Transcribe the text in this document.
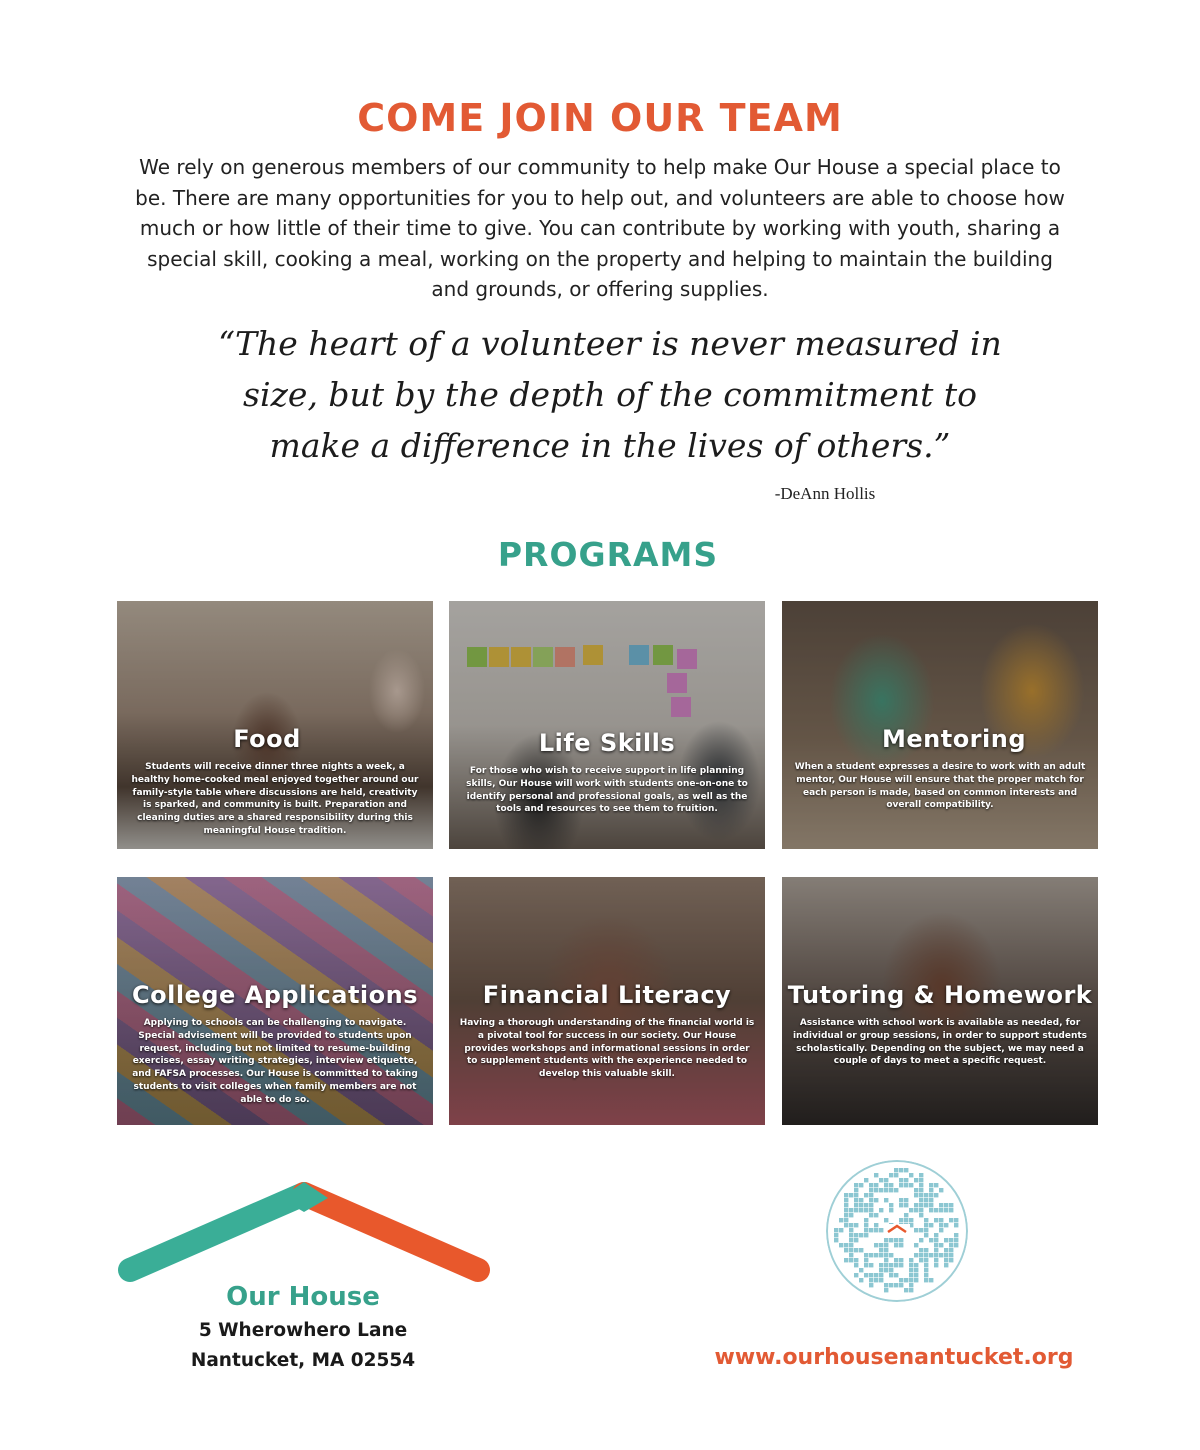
COME JOIN OUR TEAM
We rely on generous members of our community to help make Our House a special place to be. There are many opportunities for you to help out, and volunteers are able to choose how much or how little of their time to give. You can contribute by working with youth, sharing a special skill, cooking a meal, working on the property and helping to maintain the building and grounds, or offering supplies.
“The heart of a volunteer is never measured in size, but by the depth of the commitment to make a difference in the lives of others.”
-DeAnn Hollis
PROGRAMS
Food
Students will receive dinner three nights a week, a healthy home-cooked meal enjoyed together around our family-style table where discussions are held, creativity is sparked, and community is built. Preparation and cleaning duties are a shared responsibility during this meaningful House tradition.
Life Skills
For those who wish to receive support in life planning skills, Our House will work with students one-on-one to identify personal and professional goals, as well as the tools and resources to see them to fruition.
Mentoring
When a student expresses a desire to work with an adult mentor, Our House will ensure that the proper match for each person is made, based on common interests and overall compatibility.
College Applications
Applying to schools can be challenging to navigate. Special advisement will be provided to students upon request, including but not limited to resume-building exercises, essay writing strategies, interview etiquette, and FAFSA processes. Our House is committed to taking students to visit colleges when family members are not able to do so.
Financial Literacy
Having a thorough understanding of the financial world is a pivotal tool for success in our society. Our House provides workshops and informational sessions in order to supplement students with the experience needed to develop this valuable skill.
Tutoring & Homework
Assistance with school work is available as needed, for individual or group sessions, in order to support students scholastically. Depending on the subject, we may need a couple of days to meet a specific request.
Our House
5 Wherowhero Lane
Nantucket, MA 02554	www.ourhousenantucket.org
